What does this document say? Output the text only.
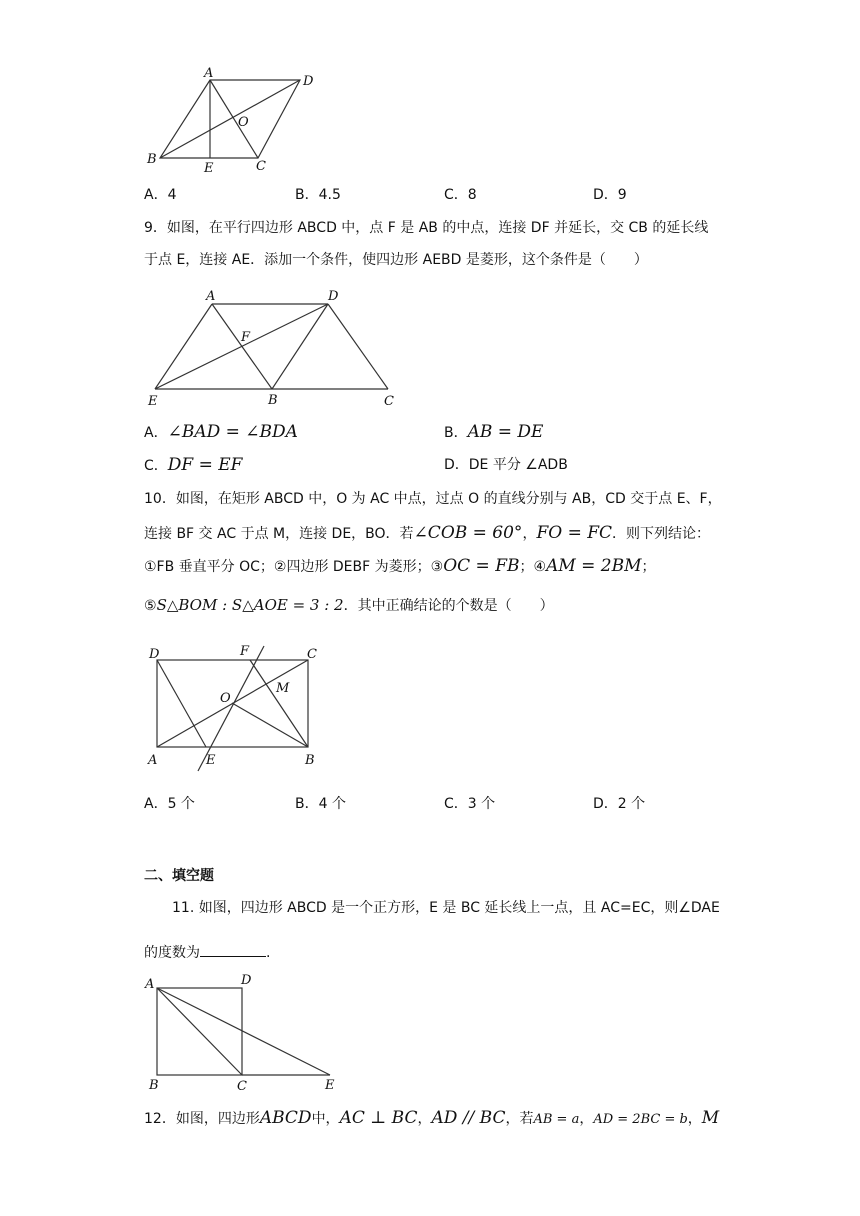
A
D
O
B
E	C
A．4	B．4.5	C．8	D．9
9．如图，在平行四边形 ABCD 中，点 F 是 AB 的中点，连接 DF 并延长，交 CB 的延长线
于点 E，连接 AE．添加一个条件，使四边形 AEBD 是菱形，这个条件是（　　）
A	D
F
E	B	C
A．∠BAD = ∠BDA	B．AB = DE
C．DF = EF	D．DE 平分 ∠ADB
10．如图，在矩形 ABCD 中，O 为 AC 中点，过点 O 的直线分别与 AB，CD 交于点 E、F，
连接 BF 交 AC 于点 M，连接 DE，BO．若∠COB = 60°，FO = FC．则下列结论：
①FB 垂直平分 OC；②四边形 DEBF 为菱形；③OC = FB；④AM = 2BM；
⑤S△BOM : S△AOE = 3 : 2．其中正确结论的个数是（　　）
D	F	C
O
M
A	E	B
A．5 个	B．4 个	C．3 个	D．2 个
二、填空题
11. 如图，四边形 ABCD 是一个正方形，E 是 BC 延长线上一点，且 AC=EC，则∠DAE
的度数为	.
A	D
B	C	E
12．如图，四边形ABCD中，AC ⊥ BC，AD // BC，若AB = a，AD = 2BC = b，M
